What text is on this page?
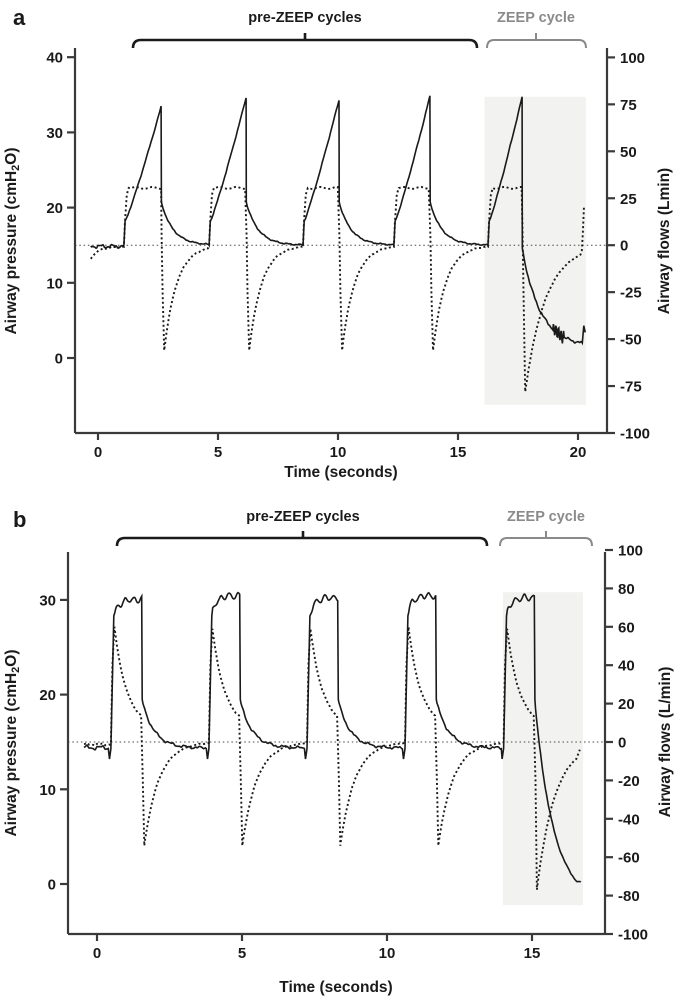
40
30
20
10
0
100
75
50
25
0
-25
-50
-75
-100
0	5	10	15	20
30
20
10
0
100
80
60
40
20
0
-20
-40
-60
-80
-100
0	5	10	15
a
b
pre-ZEEP cycles	ZEEP cycle
pre-ZEEP cycles	ZEEP cycle
Airway pressure (cmH2O)
Airway flows (Lmin)
Time (seconds)
Airway pressure (cmH2O)
Airway flows (L/min)
Time (seconds)
